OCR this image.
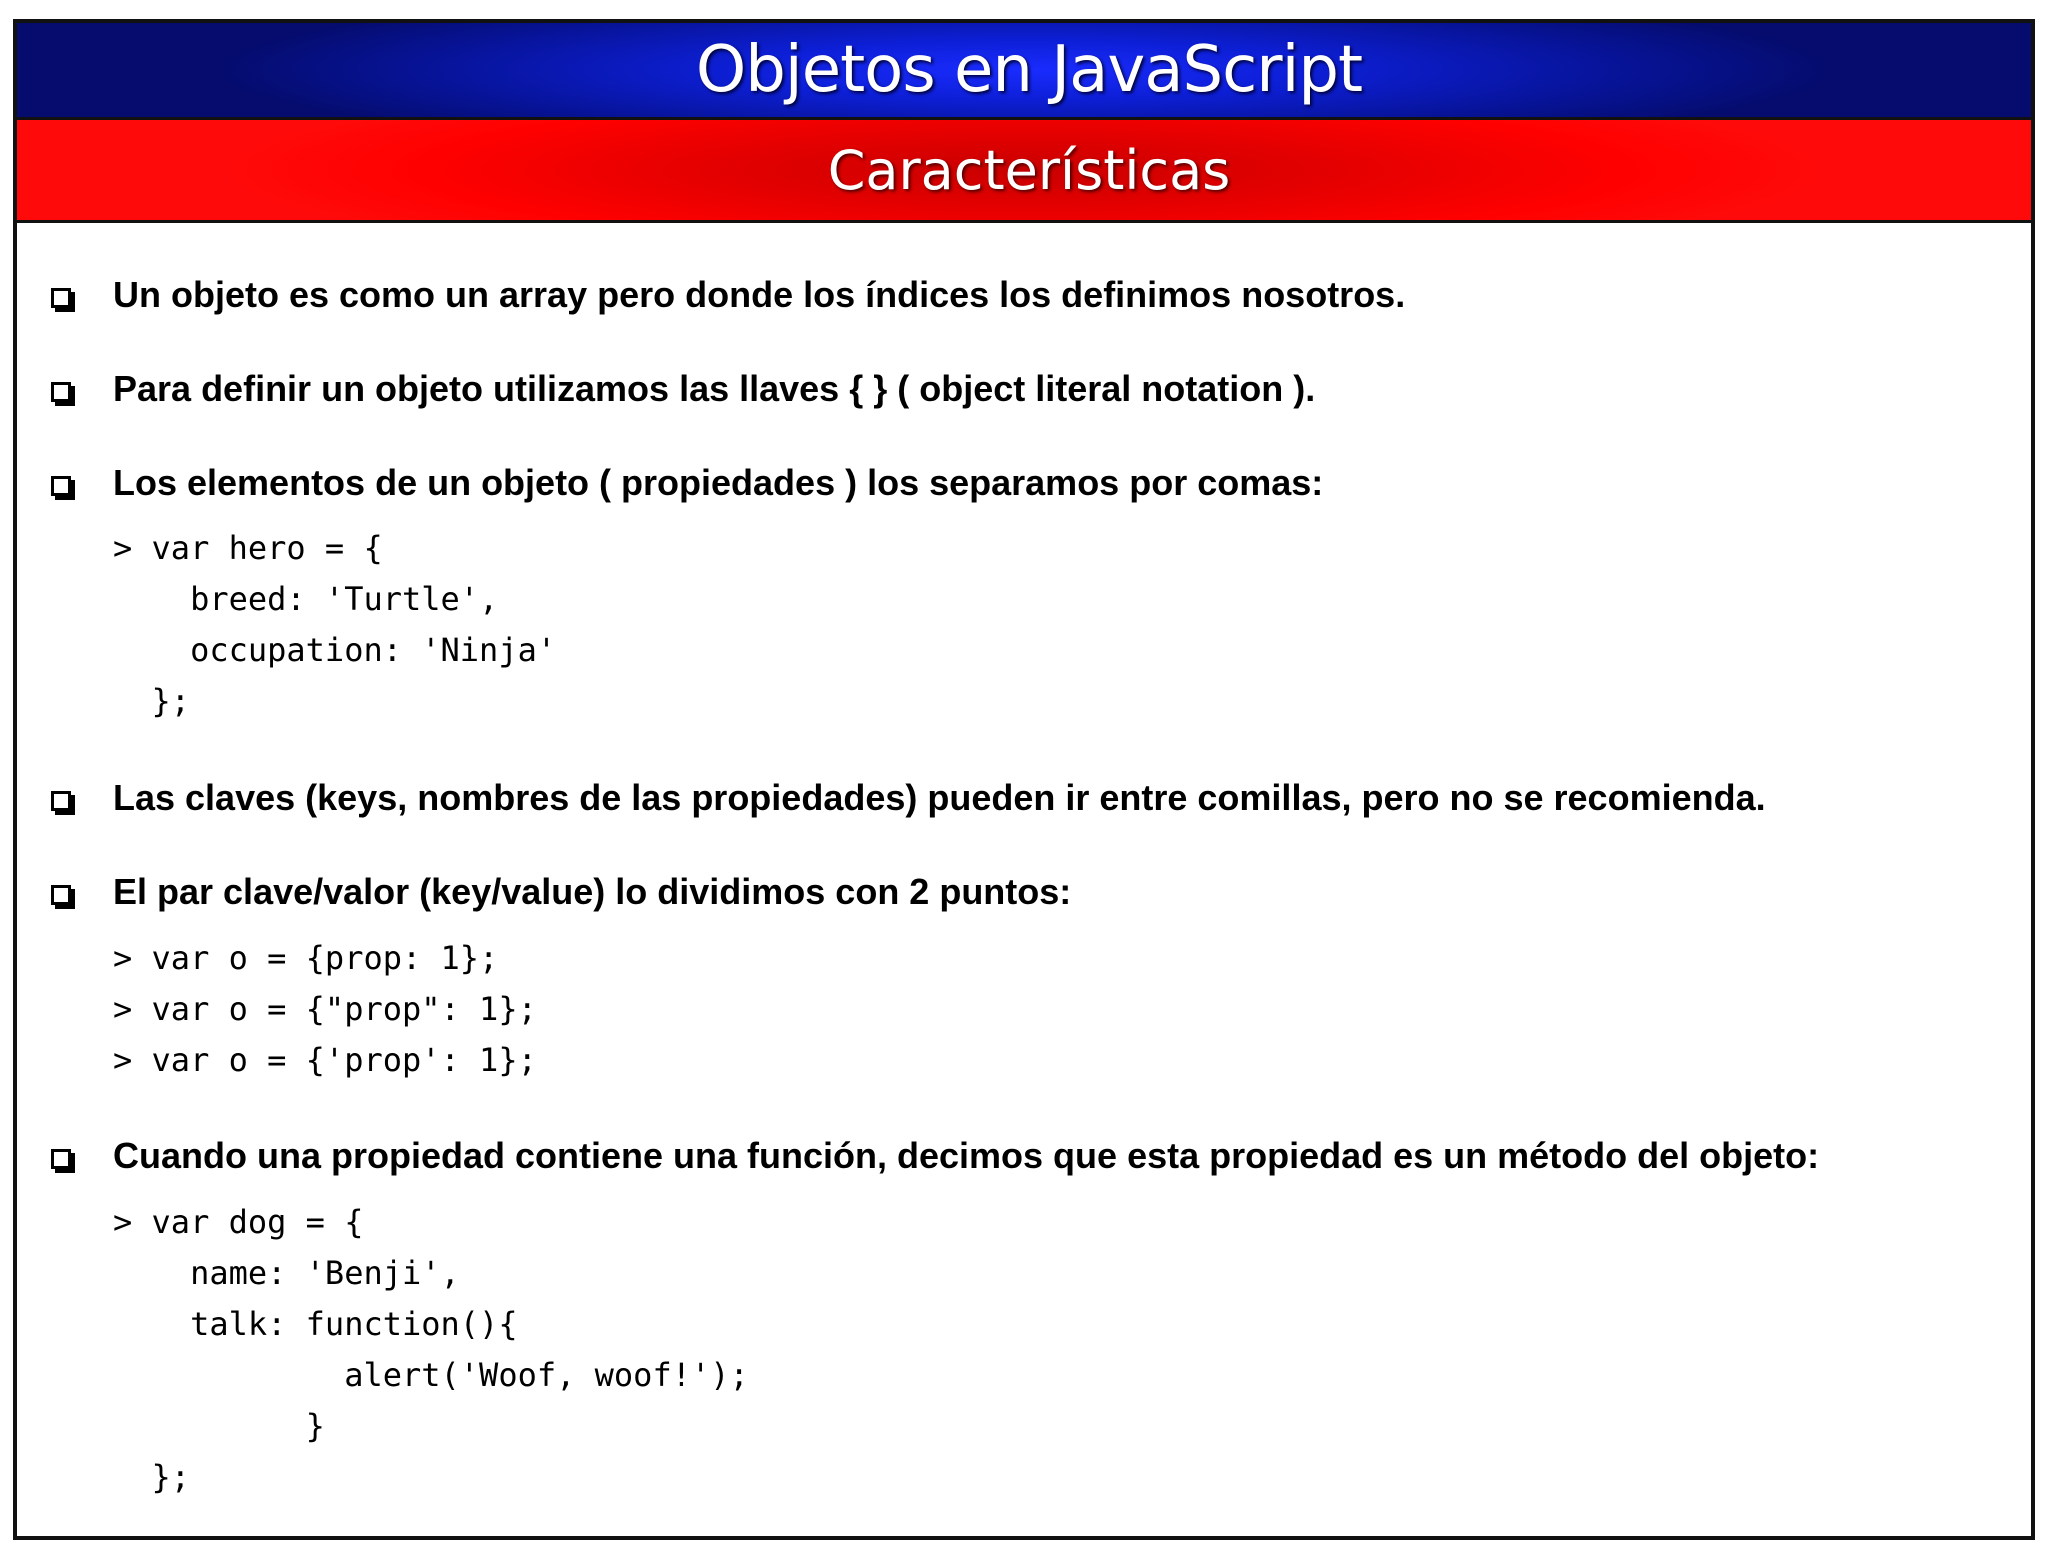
Objetos en JavaScript
Características
Un objeto es como un array pero donde los índices los definimos nosotros.
Para definir un objeto utilizamos las llaves { } ( object literal notation ).
Los elementos de un objeto ( propiedades ) los separamos por comas:
> var hero = {
breed: 'Turtle',
occupation: 'Ninja'
};
Las claves (keys, nombres de las propiedades) pueden ir entre comillas, pero no se recomienda.
El par clave/valor (key/value) lo dividimos con 2 puntos:
> var o = {prop: 1};
> var o = {"prop": 1};
> var o = {'prop': 1};
Cuando una propiedad contiene una función, decimos que esta propiedad es un método del objeto:
> var dog = {
name: 'Benji',
talk: function(){
alert('Woof, woof!');
}
};
